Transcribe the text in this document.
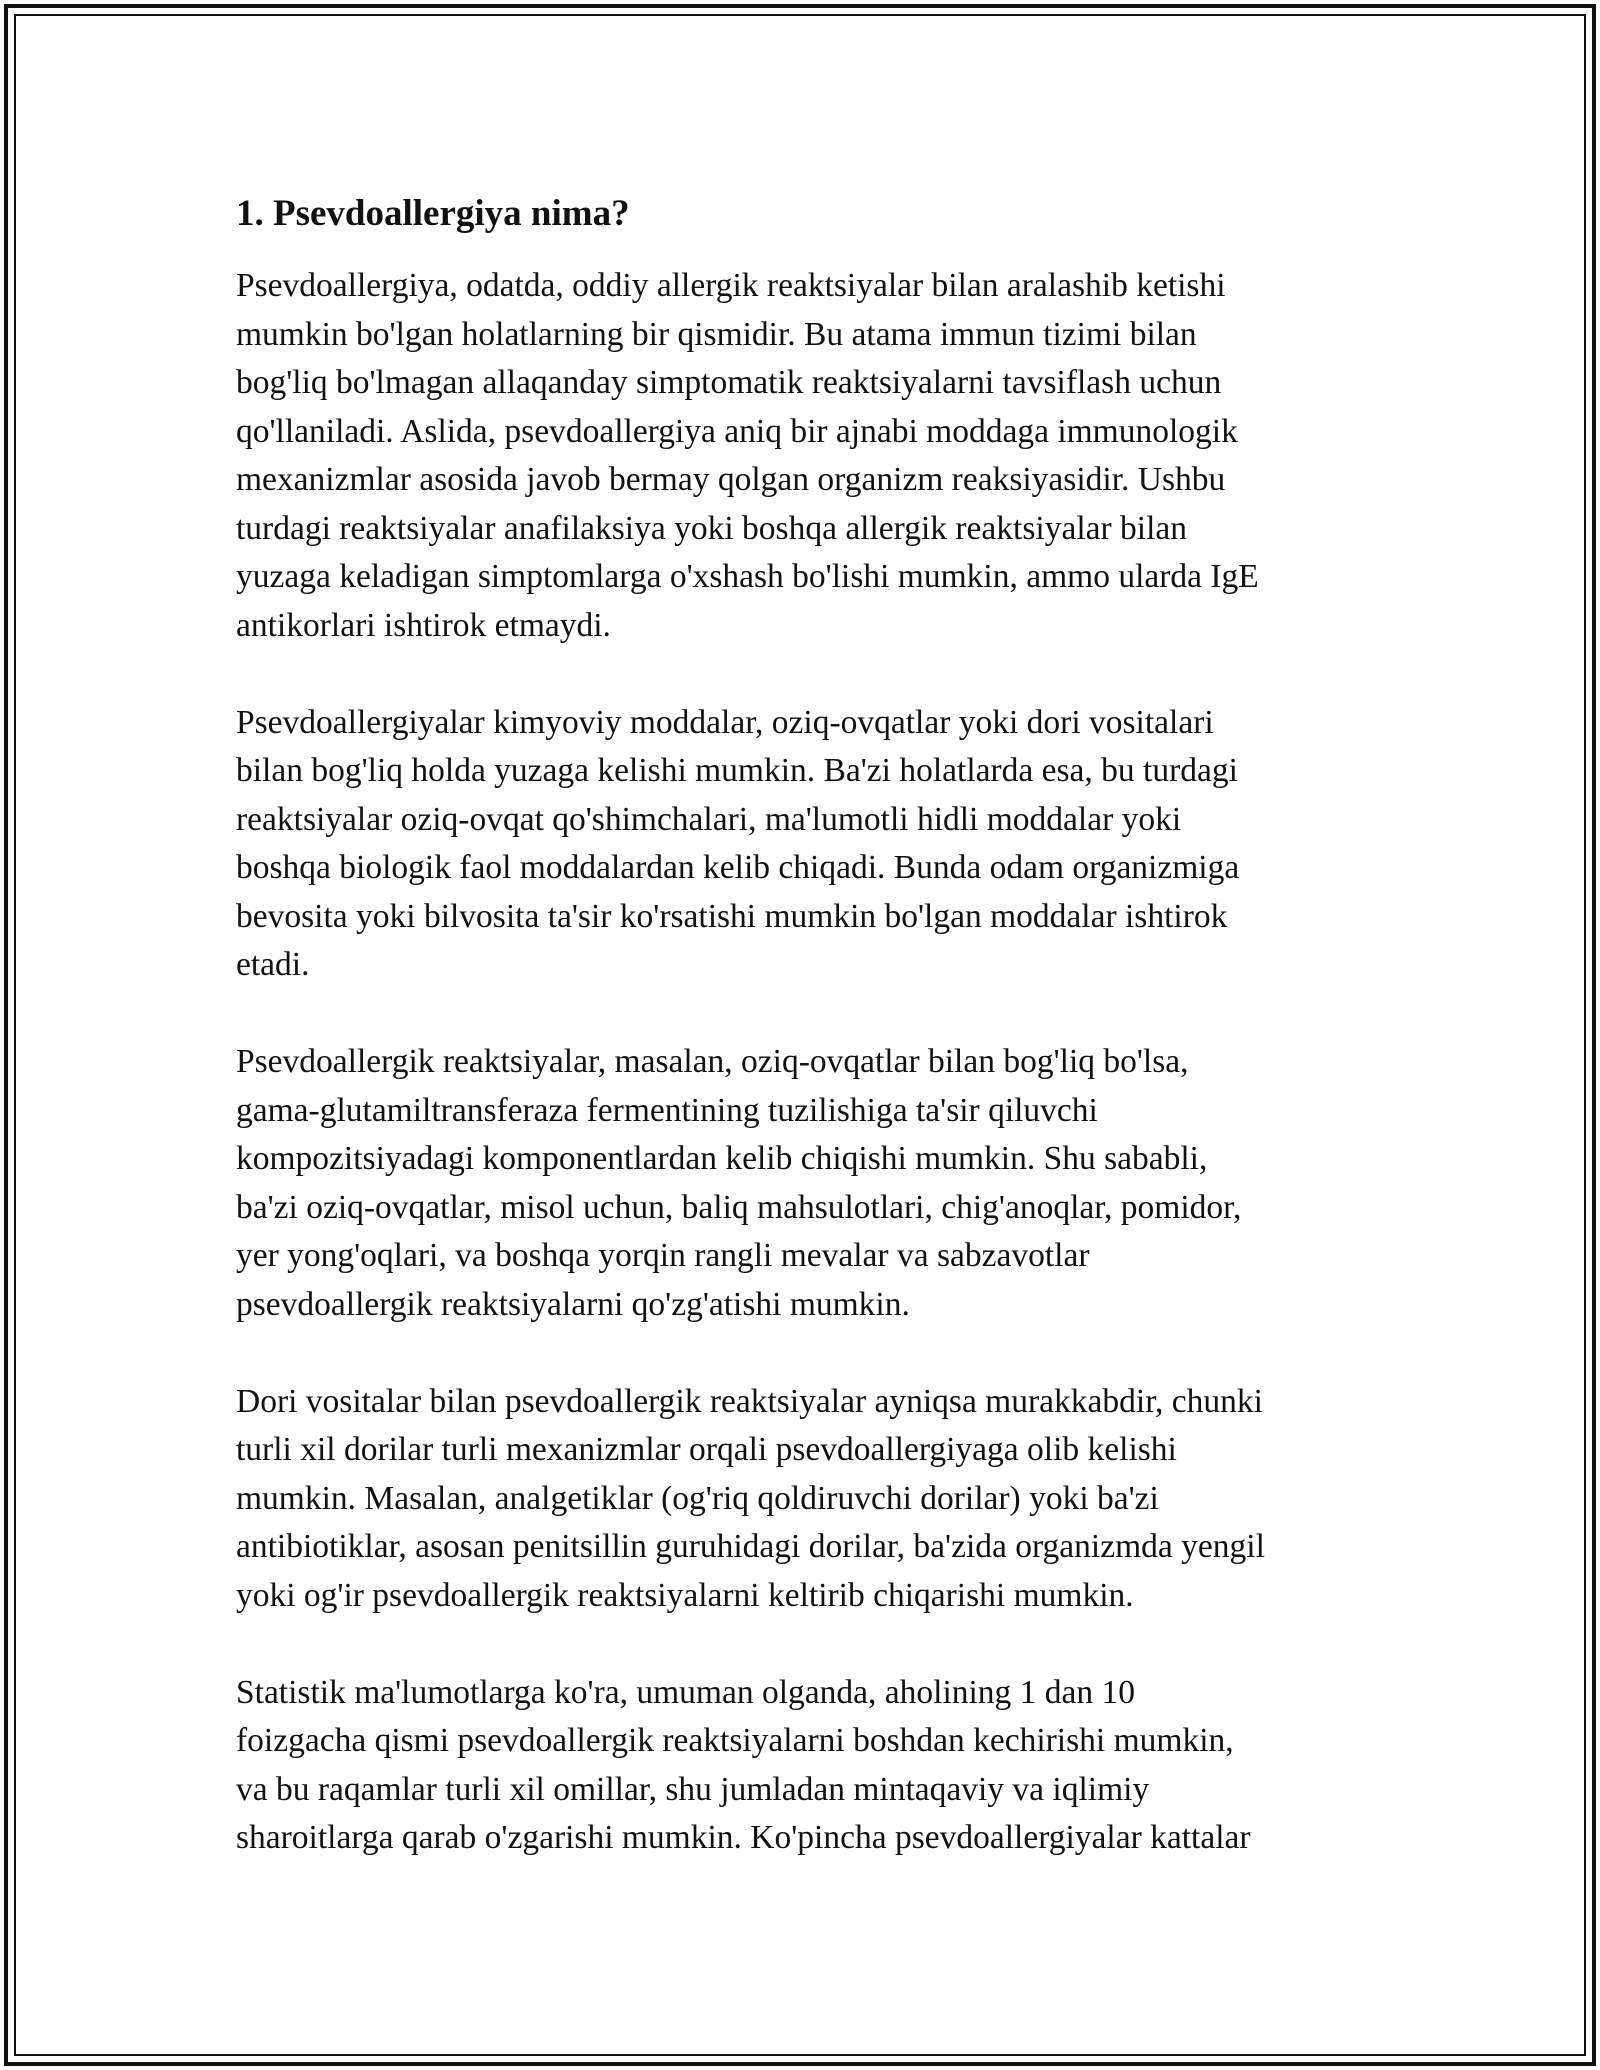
1. Psevdoallergiya nima?

Psevdoallergiya, odatda, oddiy allergik reaktsiyalar bilan aralashib ketishi
mumkin bo'lgan holatlarning bir qismidir. Bu atama immun tizimi bilan
bog'liq bo'lmagan allaqanday simptomatik reaktsiyalarni tavsiflash uchun
qo'llaniladi. Aslida, psevdoallergiya aniq bir ajnabi moddaga immunologik
mexanizmlar asosida javob bermay qolgan organizm reaksiyasidir. Ushbu
turdagi reaktsiyalar anafilaksiya yoki boshqa allergik reaktsiyalar bilan
yuzaga keladigan simptomlarga o'xshash bo'lishi mumkin, ammo ularda IgE
antikorlari ishtirok etmaydi.

Psevdoallergiyalar kimyoviy moddalar, oziq-ovqatlar yoki dori vositalari
bilan bog'liq holda yuzaga kelishi mumkin. Ba'zi holatlarda esa, bu turdagi
reaktsiyalar oziq-ovqat qo'shimchalari, ma'lumotli hidli moddalar yoki
boshqa biologik faol moddalardan kelib chiqadi. Bunda odam organizmiga
bevosita yoki bilvosita ta'sir ko'rsatishi mumkin bo'lgan moddalar ishtirok
etadi.

Psevdoallergik reaktsiyalar, masalan, oziq-ovqatlar bilan bog'liq bo'lsa,
gama-glutamiltransferaza fermentining tuzilishiga ta'sir qiluvchi
kompozitsiyadagi komponentlardan kelib chiqishi mumkin. Shu sababli,
ba'zi oziq-ovqatlar, misol uchun, baliq mahsulotlari, chig'anoqlar, pomidor,
yer yong'oqlari, va boshqa yorqin rangli mevalar va sabzavotlar
psevdoallergik reaktsiyalarni qo'zg'atishi mumkin.

Dori vositalar bilan psevdoallergik reaktsiyalar ayniqsa murakkabdir, chunki
turli xil dorilar turli mexanizmlar orqali psevdoallergiyaga olib kelishi
mumkin. Masalan, analgetiklar (og'riq qoldiruvchi dorilar) yoki ba'zi
antibiotiklar, asosan penitsillin guruhidagi dorilar, ba'zida organizmda yengil
yoki og'ir psevdoallergik reaktsiyalarni keltirib chiqarishi mumkin.

Statistik ma'lumotlarga ko'ra, umuman olganda, aholining 1 dan 10
foizgacha qismi psevdoallergik reaktsiyalarni boshdan kechirishi mumkin,
va bu raqamlar turli xil omillar, shu jumladan mintaqaviy va iqlimiy
sharoitlarga qarab o'zgarishi mumkin. Ko'pincha psevdoallergiyalar kattalar
